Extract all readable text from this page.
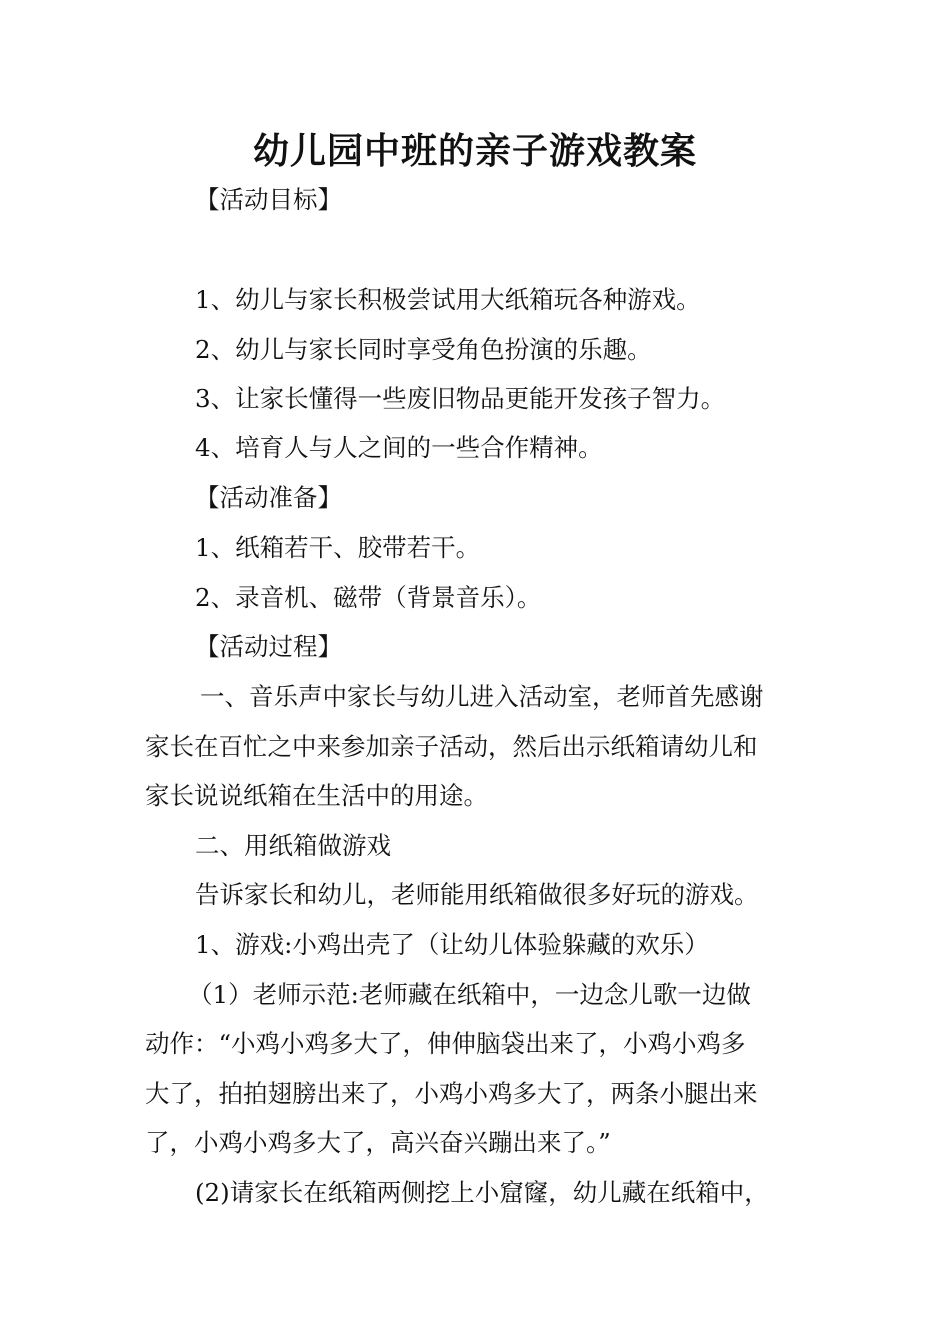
幼儿园中班的亲子游戏教案

【活动目标】

1、幼儿与家长积极尝试用大纸箱玩各种游戏。

2、幼儿与家长同时享受角色扮演的乐趣。

3、让家长懂得一些废旧物品更能开发孩子智力。

4、培育人与人之间的一些合作精神。

【活动准备】

1、纸箱若干、胶带若干。

2、录音机、磁带（背景音乐）。

【活动过程】

一、音乐声中家长与幼儿进入活动室，老师首先感谢

家长在百忙之中来参加亲子活动，然后出示纸箱请幼儿和

家长说说纸箱在生活中的用途。

二、用纸箱做游戏

告诉家长和幼儿，老师能用纸箱做很多好玩的游戏。

1、游戏:小鸡出壳了（让幼儿体验躲藏的欢乐）

（1）老师示范:老师藏在纸箱中，一边念儿歌一边做

动作：“小鸡小鸡多大了，伸伸脑袋出来了，小鸡小鸡多

大了，拍拍翅膀出来了，小鸡小鸡多大了，两条小腿出来

了，小鸡小鸡多大了，高兴奋兴蹦出来了。”

(2)请家长在纸箱两侧挖上小窟窿，幼儿藏在纸箱中，
